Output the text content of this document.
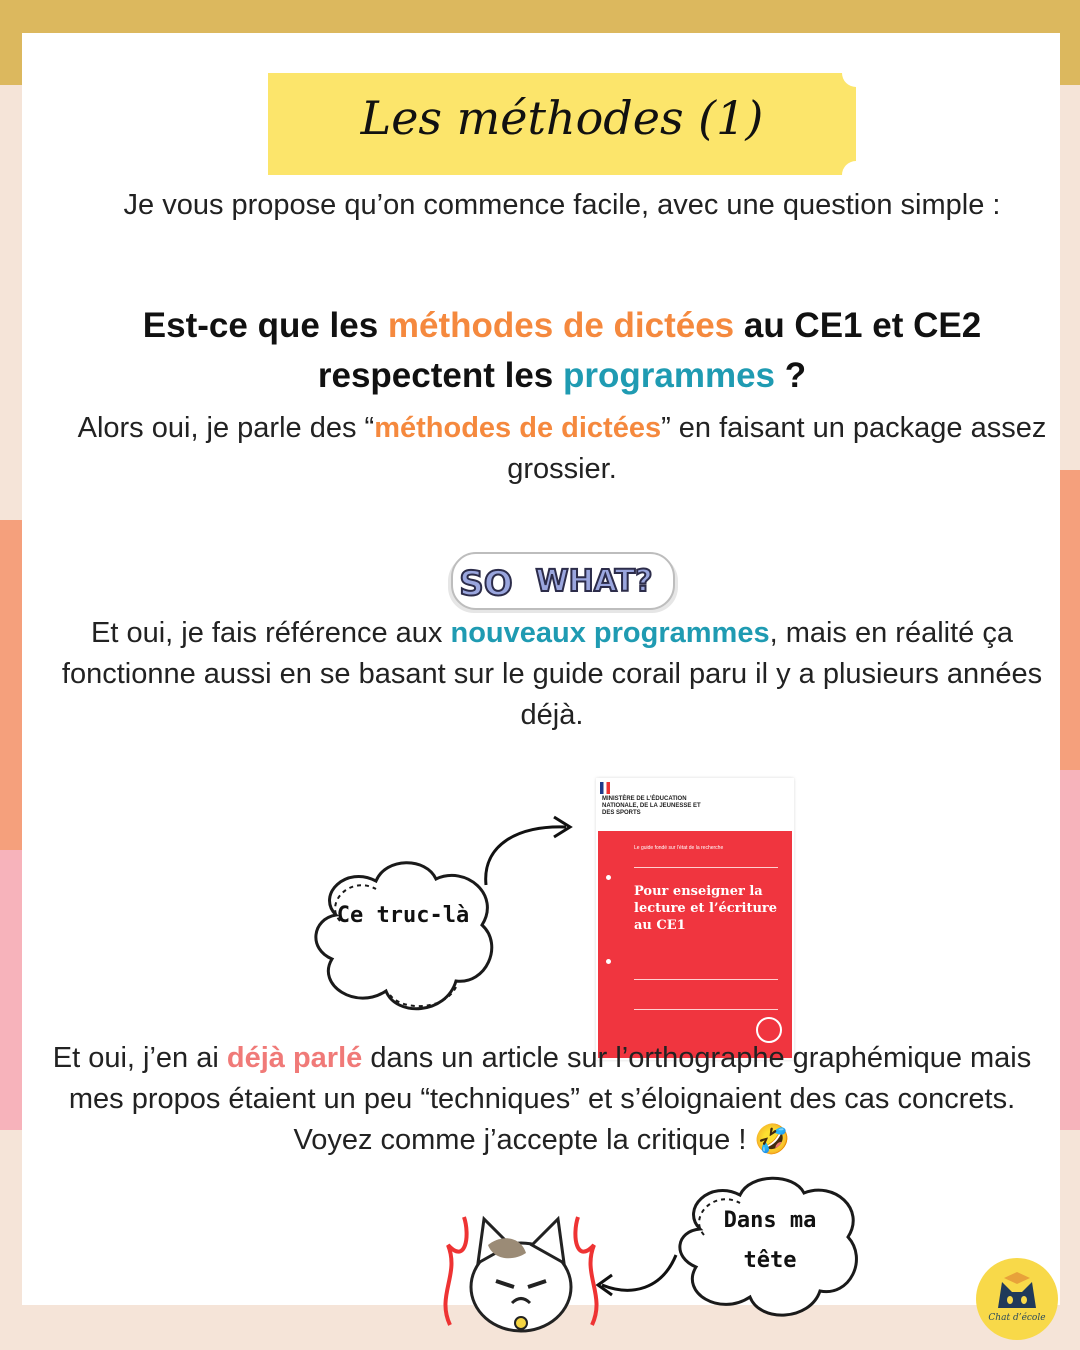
Les méthodes (1)
Je vous propose qu’on commence facile, avec une question simple :
Est-ce que les méthodes de dictées au CE1 et CE2 respectent les programmes ?
Alors oui, je parle des “méthodes de dictées” en faisant un package assez grossier.
SO WHAT?
Et oui, je fais référence aux nouveaux programmes, mais en réalité ça fonctionne aussi en se basant sur le guide corail paru il y a plusieurs années déjà.
Ce truc-là
MINISTÈRE DE L’ÉDUCATION NATIONALE, DE LA JEUNESSE ET DES SPORTS
Le guide fondé sur l’état de la recherche
Pour enseigner la lecture et l’écriture au CE1
Et oui, j’en ai déjà parlé dans un article sur l’orthographe graphémique mais mes propos étaient un peu “techniques” et s’éloignaient des cas concrets. Voyez comme j’accepte la critique ! 🤣
Dans ma
tête
Chat d’école
